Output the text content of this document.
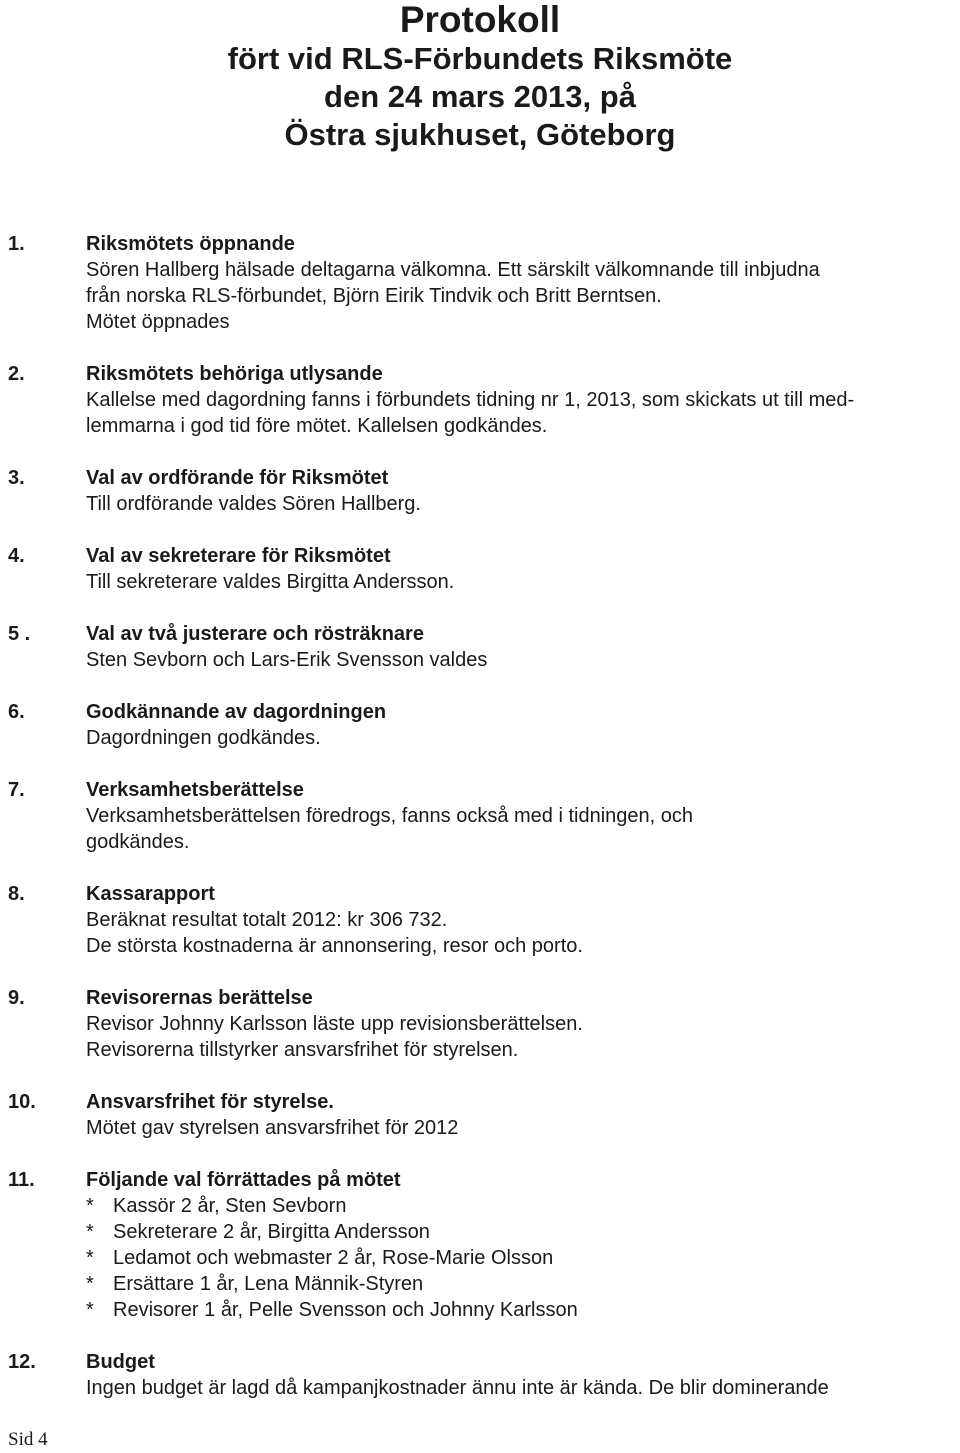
Protokoll
fört vid RLS-Förbundets Riksmöte
den 24 mars 2013, på
Östra sjukhuset, Göteborg
1.	Riksmötets öppnande
Sören Hallberg hälsade deltagarna välkomna. Ett särskilt välkomnande till inbjudna
från norska RLS-förbundet, Björn Eirik Tindvik och Britt Berntsen.
Mötet öppnades
2.	Riksmötets behöriga utlysande
Kallelse med dagordning fanns i förbundets tidning nr 1, 2013, som skickats ut till med-
lemmarna i god tid före mötet. Kallelsen godkändes.
3.	Val av ordförande för Riksmötet
Till ordförande valdes Sören Hallberg.
4.	Val av sekreterare för Riksmötet
Till sekreterare valdes Birgitta Andersson.
5 .	Val av två justerare och rösträknare
Sten Sevborn och Lars-Erik Svensson valdes
6.	Godkännande av dagordningen
Dagordningen godkändes.
7.	Verksamhetsberättelse
Verksamhetsberättelsen föredrogs, fanns också med i tidningen, och
godkändes.
8.	Kassarapport
Beräknat resultat totalt 2012: kr 306 732.
De största kostnaderna är annonsering, resor och porto.
9.	Revisorernas berättelse
Revisor Johnny Karlsson läste upp revisionsberättelsen.
Revisorerna tillstyrker ansvarsfrihet för styrelsen.
10.	Ansvarsfrihet för styrelse.
Mötet gav styrelsen ansvarsfrihet för 2012
11.	Följande val förrättades på mötet
* Kassör 2 år, Sten Sevborn
* Sekreterare 2 år, Birgitta Andersson
* Ledamot och webmaster 2 år, Rose-Marie Olsson
* Ersättare 1 år, Lena Männik-Styren
* Revisorer 1 år, Pelle Svensson och Johnny Karlsson
12.	Budget
Ingen budget är lagd då kampanjkostnader ännu inte är kända. De blir dominerande
Sid 4
